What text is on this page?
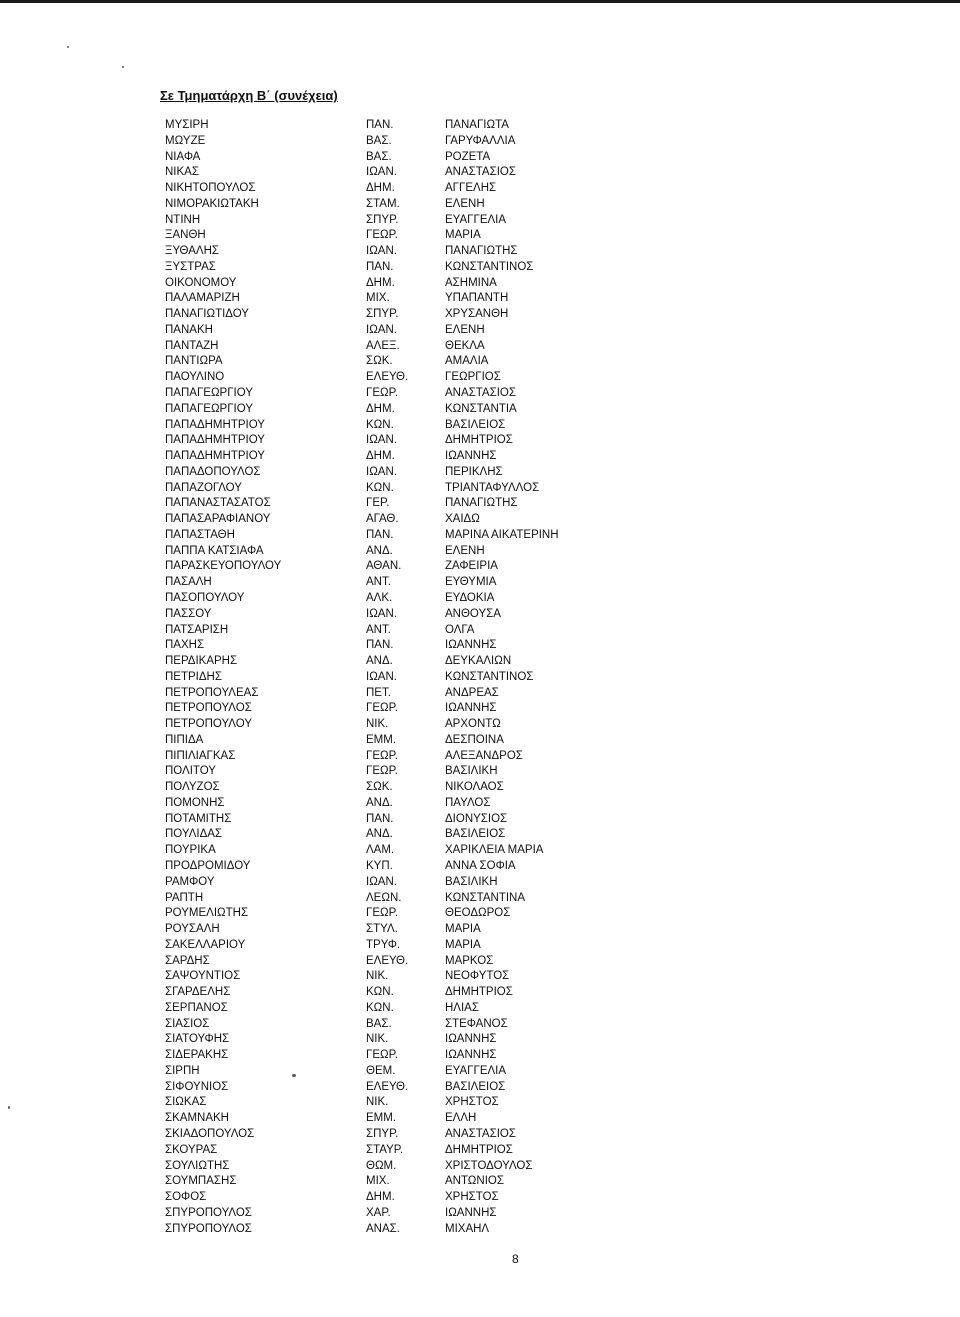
Σε Τμηματάρχη Β΄ (συνέχεια)
ΜΥΣΙΡΗ	ΠΑΝ.	ΠΑΝΑΓΙΩΤΑ
ΜΩΥΖΕ	ΒΑΣ.	ΓΑΡΥΦΑΛΛΙΑ
ΝΙΑΦΑ	ΒΑΣ.	ΡΟΖΕΤΑ
ΝΙΚΑΣ	ΙΩΑΝ.	ΑΝΑΣΤΑΣΙΟΣ
ΝΙΚΗΤΟΠΟΥΛΟΣ	ΔΗΜ.	ΑΓΓΕΛΗΣ
ΝΙΜΟΡΑΚΙΩΤΑΚΗ	ΣΤΑΜ.	ΕΛΕΝΗ
ΝΤΙΝΗ	ΣΠΥΡ.	ΕΥΑΓΓΕΛΙΑ
ΞΑΝΘΗ	ΓΕΩΡ.	ΜΑΡΙΑ
ΞΥΘΑΛΗΣ	ΙΩΑΝ.	ΠΑΝΑΓΙΩΤΗΣ
ΞΥΣΤΡΑΣ	ΠΑΝ.	ΚΩΝΣΤΑΝΤΙΝΟΣ
ΟΙΚΟΝΟΜΟΥ	ΔΗΜ.	ΑΣΗΜΙΝΑ
ΠΑΛΑΜΑΡΙΖΗ	ΜΙΧ.	ΥΠΑΠΑΝΤΗ
ΠΑΝΑΓΙΩΤΙΔΟΥ	ΣΠΥΡ.	ΧΡΥΣΑΝΘΗ
ΠΑΝΑΚΗ	ΙΩΑΝ.	ΕΛΕΝΗ
ΠΑΝΤΑΖΗ	ΑΛΕΞ.	ΘΕΚΛΑ
ΠΑΝΤΙΩΡΑ	ΣΩΚ.	ΑΜΑΛΙΑ
ΠΑΟΥΛΙΝΟ	ΕΛΕΥΘ.	ΓΕΩΡΓΙΟΣ
ΠΑΠΑΓΕΩΡΓΙΟΥ	ΓΕΩΡ.	ΑΝΑΣΤΑΣΙΟΣ
ΠΑΠΑΓΕΩΡΓΙΟΥ	ΔΗΜ.	ΚΩΝΣΤΑΝΤΙΑ
ΠΑΠΑΔΗΜΗΤΡΙΟΥ	ΚΩΝ.	ΒΑΣΙΛΕΙΟΣ
ΠΑΠΑΔΗΜΗΤΡΙΟΥ	ΙΩΑΝ.	ΔΗΜΗΤΡΙΟΣ
ΠΑΠΑΔΗΜΗΤΡΙΟΥ	ΔΗΜ.	ΙΩΑΝΝΗΣ
ΠΑΠΑΔΟΠΟΥΛΟΣ	ΙΩΑΝ.	ΠΕΡΙΚΛΗΣ
ΠΑΠΑΖΟΓΛΟΥ	ΚΩΝ.	ΤΡΙΑΝΤΑΦΥΛΛΟΣ
ΠΑΠΑΝΑΣΤΑΣΑΤΟΣ	ΓΕΡ.	ΠΑΝΑΓΙΩΤΗΣ
ΠΑΠΑΣΑΡΑΦΙΑΝΟΥ	ΑΓΑΘ.	ΧΑΙΔΩ
ΠΑΠΑΣΤΑΘΗ	ΠΑΝ.	ΜΑΡΙΝΑ ΑΙΚΑΤΕΡΙΝΗ
ΠΑΠΠΑ ΚΑΤΣΙΑΦΑ	ΑΝΔ.	ΕΛΕΝΗ
ΠΑΡΑΣΚΕΥΟΠΟΥΛΟΥ	ΑΘΑΝ.	ΖΑΦΕΙΡΙΑ
ΠΑΣΑΛΗ	ΑΝΤ.	ΕΥΘΥΜΙΑ
ΠΑΣΟΠΟΥΛΟΥ	ΑΛΚ.	ΕΥΔΟΚΙΑ
ΠΑΣΣΟΥ	ΙΩΑΝ.	ΑΝΘΟΥΣΑ
ΠΑΤΣΑΡΙΣΗ	ΑΝΤ.	ΟΛΓΑ
ΠΑΧΗΣ	ΠΑΝ.	ΙΩΑΝΝΗΣ
ΠΕΡΔΙΚΑΡΗΣ	ΑΝΔ.	ΔΕΥΚΑΛΙΩΝ
ΠΕΤΡΙΔΗΣ	ΙΩΑΝ.	ΚΩΝΣΤΑΝΤΙΝΟΣ
ΠΕΤΡΟΠΟΥΛΕΑΣ	ΠΕΤ.	ΑΝΔΡΕΑΣ
ΠΕΤΡΟΠΟΥΛΟΣ	ΓΕΩΡ.	ΙΩΑΝΝΗΣ
ΠΕΤΡΟΠΟΥΛΟΥ	ΝΙΚ.	ΑΡΧΟΝΤΩ
ΠΙΠΙΔΑ	ΕΜΜ.	ΔΕΣΠΟΙΝΑ
ΠΙΠΙΛΙΑΓΚΑΣ	ΓΕΩΡ.	ΑΛΕΞΑΝΔΡΟΣ
ΠΟΛΙΤΟΥ	ΓΕΩΡ.	ΒΑΣΙΛΙΚΗ
ΠΟΛΥΖΟΣ	ΣΩΚ.	ΝΙΚΟΛΑΟΣ
ΠΟΜΟΝΗΣ	ΑΝΔ.	ΠΑΥΛΟΣ
ΠΟΤΑΜΙΤΗΣ	ΠΑΝ.	ΔΙΟΝΥΣΙΟΣ
ΠΟΥΛΙΔΑΣ	ΑΝΔ.	ΒΑΣΙΛΕΙΟΣ
ΠΟΥΡΙΚΑ	ΛΑΜ.	ΧΑΡΙΚΛΕΙΑ ΜΑΡΙΑ
ΠΡΟΔΡΟΜΙΔΟΥ	ΚΥΠ.	ΑΝΝΑ ΣΟΦΙΑ
ΡΑΜΦΟΥ	ΙΩΑΝ.	ΒΑΣΙΛΙΚΗ
ΡΑΠΤΗ	ΛΕΩΝ.	ΚΩΝΣΤΑΝΤΙΝΑ
ΡΟΥΜΕΛΙΩΤΗΣ	ΓΕΩΡ.	ΘΕΟΔΩΡΟΣ
ΡΟΥΣΑΛΗ	ΣΤΥΛ.	ΜΑΡΙΑ
ΣΑΚΕΛΛΑΡΙΟΥ	ΤΡΥΦ.	ΜΑΡΙΑ
ΣΑΡΔΗΣ	ΕΛΕΥΘ.	ΜΑΡΚΟΣ
ΣΑΨΟΥΝΤΙΟΣ	ΝΙΚ.	ΝΕΟΦΥΤΟΣ
ΣΓΑΡΔΕΛΗΣ	ΚΩΝ.	ΔΗΜΗΤΡΙΟΣ
ΣΕΡΠΑΝΟΣ	ΚΩΝ.	ΗΛΙΑΣ
ΣΙΑΣΙΟΣ	ΒΑΣ.	ΣΤΕΦΑΝΟΣ
ΣΙΑΤΟΥΦΗΣ	ΝΙΚ.	ΙΩΑΝΝΗΣ
ΣΙΔΕΡΑΚΗΣ	ΓΕΩΡ.	ΙΩΑΝΝΗΣ
ΣΙΡΠΗ	ΘΕΜ.	ΕΥΑΓΓΕΛΙΑ
ΣΙΦΟΥΝΙΟΣ	ΕΛΕΥΘ.	ΒΑΣΙΛΕΙΟΣ
ΣΙΩΚΑΣ	ΝΙΚ.	ΧΡΗΣΤΟΣ
ΣΚΑΜΝΑΚΗ	ΕΜΜ.	ΕΛΛΗ
ΣΚΙΑΔΟΠΟΥΛΟΣ	ΣΠΥΡ.	ΑΝΑΣΤΑΣΙΟΣ
ΣΚΟΥΡΑΣ	ΣΤΑΥΡ.	ΔΗΜΗΤΡΙΟΣ
ΣΟΥΛΙΩΤΗΣ	ΘΩΜ.	ΧΡΙΣΤΟΔΟΥΛΟΣ
ΣΟΥΜΠΑΣΗΣ	ΜΙΧ.	ΑΝΤΩΝΙΟΣ
ΣΟΦΟΣ	ΔΗΜ.	ΧΡΗΣΤΟΣ
ΣΠΥΡΟΠΟΥΛΟΣ	ΧΑΡ.	ΙΩΑΝΝΗΣ
ΣΠΥΡΟΠΟΥΛΟΣ	ΑΝΑΣ.	ΜΙΧΑΗΛ
8
